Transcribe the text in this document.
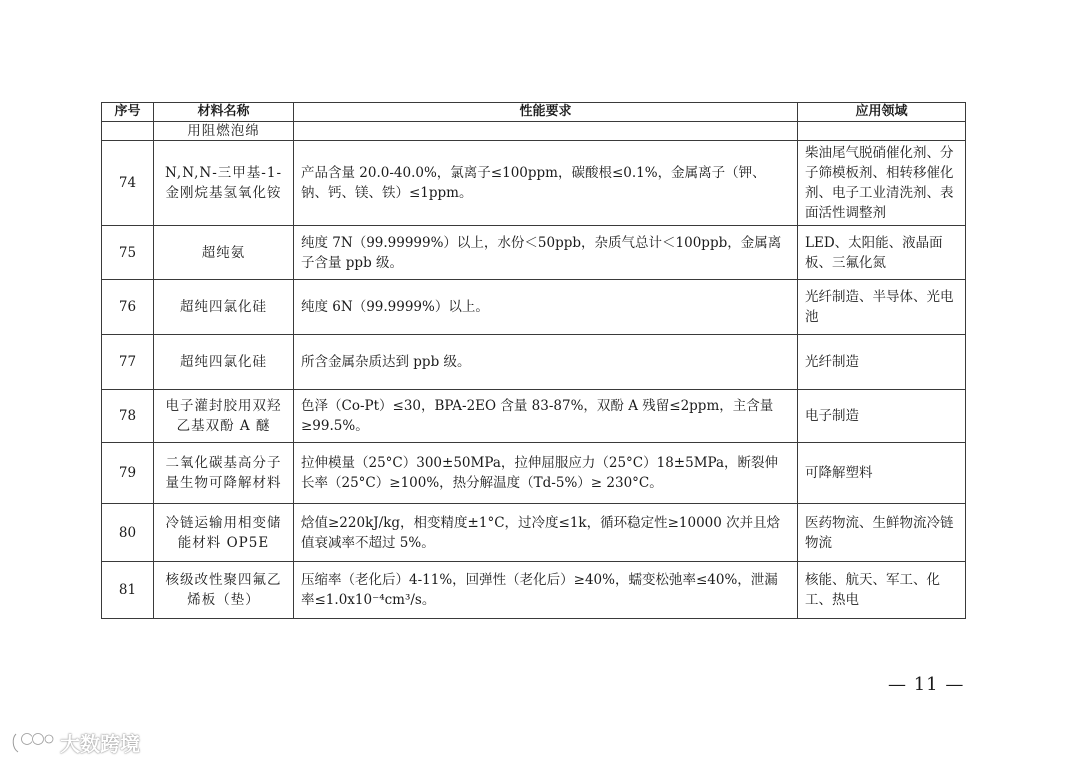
序号	材料名称	性能要求	应用领域
	用阻燃泡绵		
74	N,N,N-三甲基-1-金刚烷基氢氧化铵	产品含量 20.0-40.0%，氯离子≤100ppm，碳酸根≤0.1%，金属离子（钾、钠、钙、镁、铁）≤1ppm。	柴油尾气脱硝催化剂、分子筛模板剂、相转移催化剂、电子工业清洗剂、表面活性调整剂
75	超纯氨	纯度 7N（99.99999%）以上，水份＜50ppb，杂质气总计＜100ppb，金属离子含量 ppb 级。	LED、太阳能、液晶面板、三氟化氮
76	超纯四氯化硅	纯度 6N（99.9999%）以上。	光纤制造、半导体、光电池
77	超纯四氯化硅	所含金属杂质达到 ppb 级。	光纤制造
78	电子灌封胶用双羟乙基双酚 A 醚	色泽（Co-Pt）≤30，BPA-2EO 含量 83-87%，双酚 A 残留≤2ppm，主含量≥99.5%。	电子制造
79	二氧化碳基高分子量生物可降解材料	拉伸模量（25°C）300±50MPa，拉伸屈服应力（25°C）18±5MPa，断裂伸长率（25°C）≥100%，热分解温度（Td-5%）≥ 230°C。	可降解塑料
80	冷链运输用相变储能材料 OP5E	焓值≥220kJ/kg，相变精度±1°C，过冷度≤1k，循环稳定性≥10000 次并且焓值衰减率不超过 5%。	医药物流、生鲜物流冷链物流
81	核级改性聚四氟乙烯板（垫）	压缩率（老化后）4-11%，回弹性（老化后）≥40%，蠕变松弛率≤40%，泄漏率≤1.0x10⁻⁴cm³/s。	核能、航天、军工、化工、热电
— 11 —
大数跨境
